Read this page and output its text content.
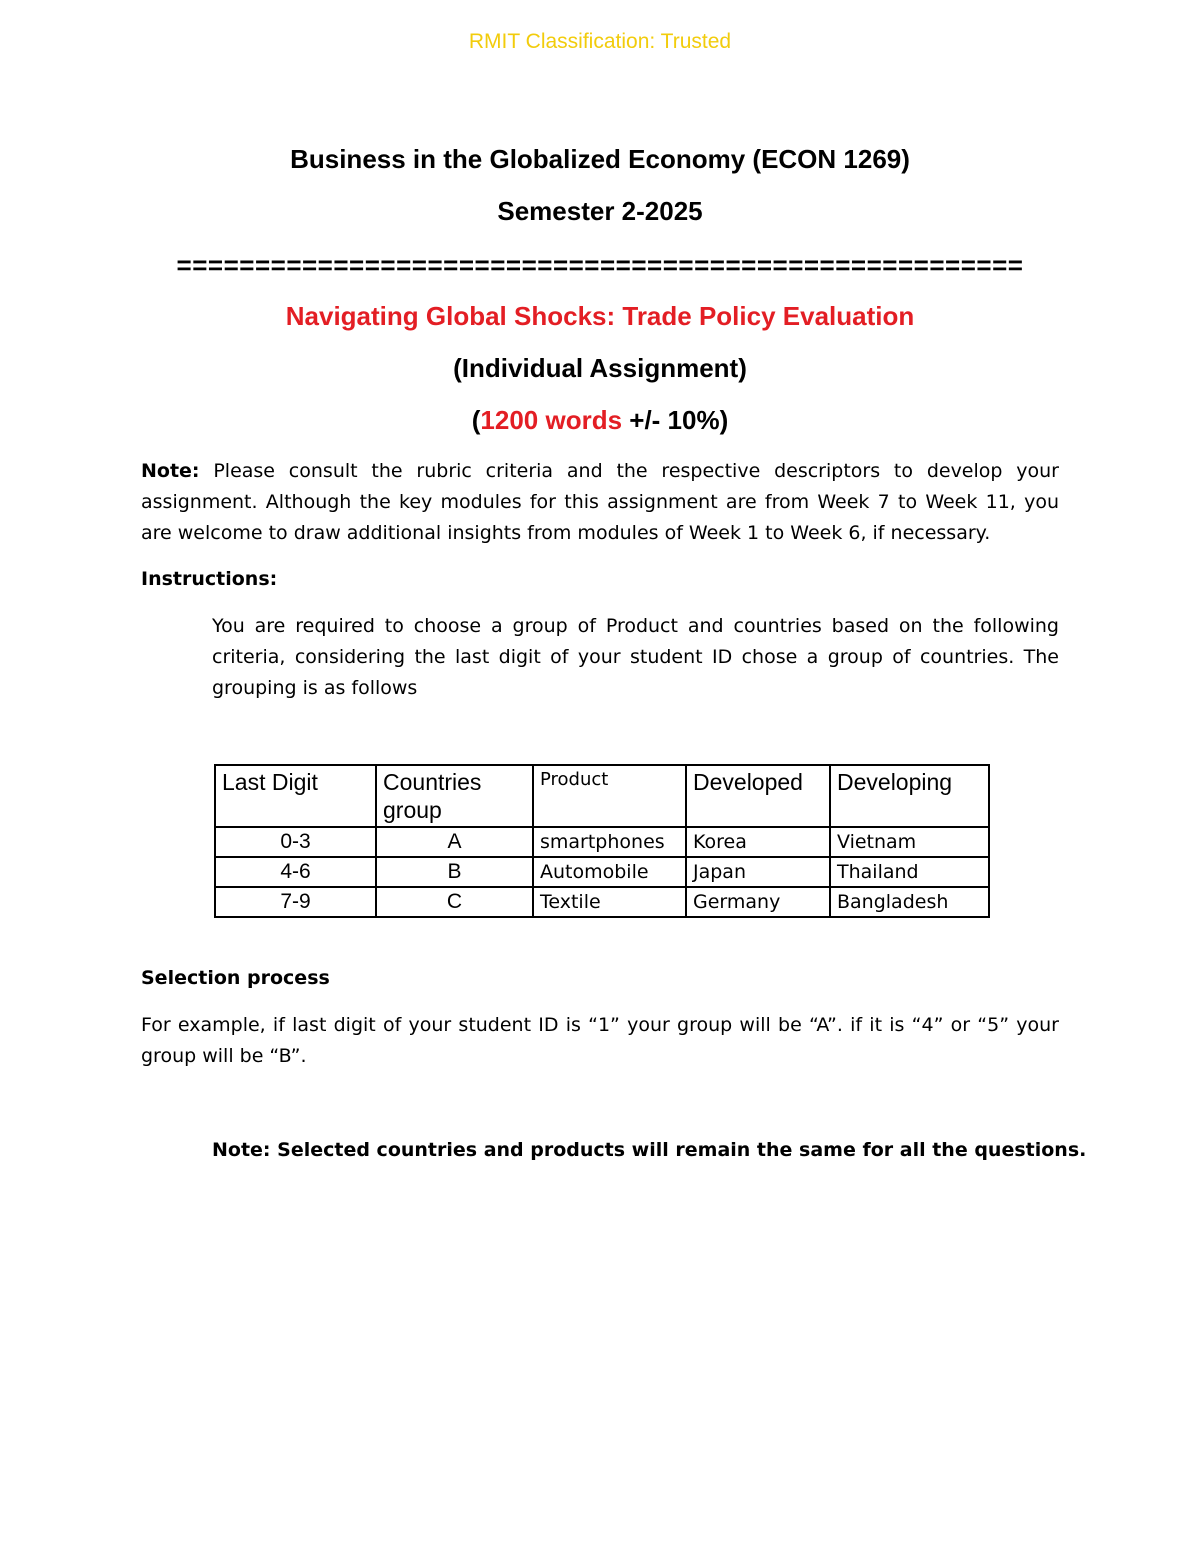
RMIT Classification: Trusted
Business in the Globalized Economy (ECON 1269)
Semester 2-2025
======================================================
Navigating Global Shocks: Trade Policy Evaluation
(Individual Assignment)
(1200 words +/- 10%)
Note: Please consult the rubric criteria and the respective descriptors to develop your assignment. Although the key modules for this assignment are from Week 7 to Week 11, you are welcome to draw additional insights from modules of Week 1 to Week 6, if necessary.
Instructions:
You are required to choose a group of Product and countries based on the following criteria, considering the last digit of your student ID chose a group of countries. The grouping is as follows
Last Digit	Countries group	Product	Developed	Developing
0-3	A	smartphones	Korea	Vietnam
4-6	B	Automobile	Japan	Thailand
7-9	C	Textile	Germany	Bangladesh
Selection process
For example, if last digit of your student ID is “1” your group will be “A”. if it is “4” or “5” your group will be “B”.
Note: Selected countries and products will remain the same for all the questions.
